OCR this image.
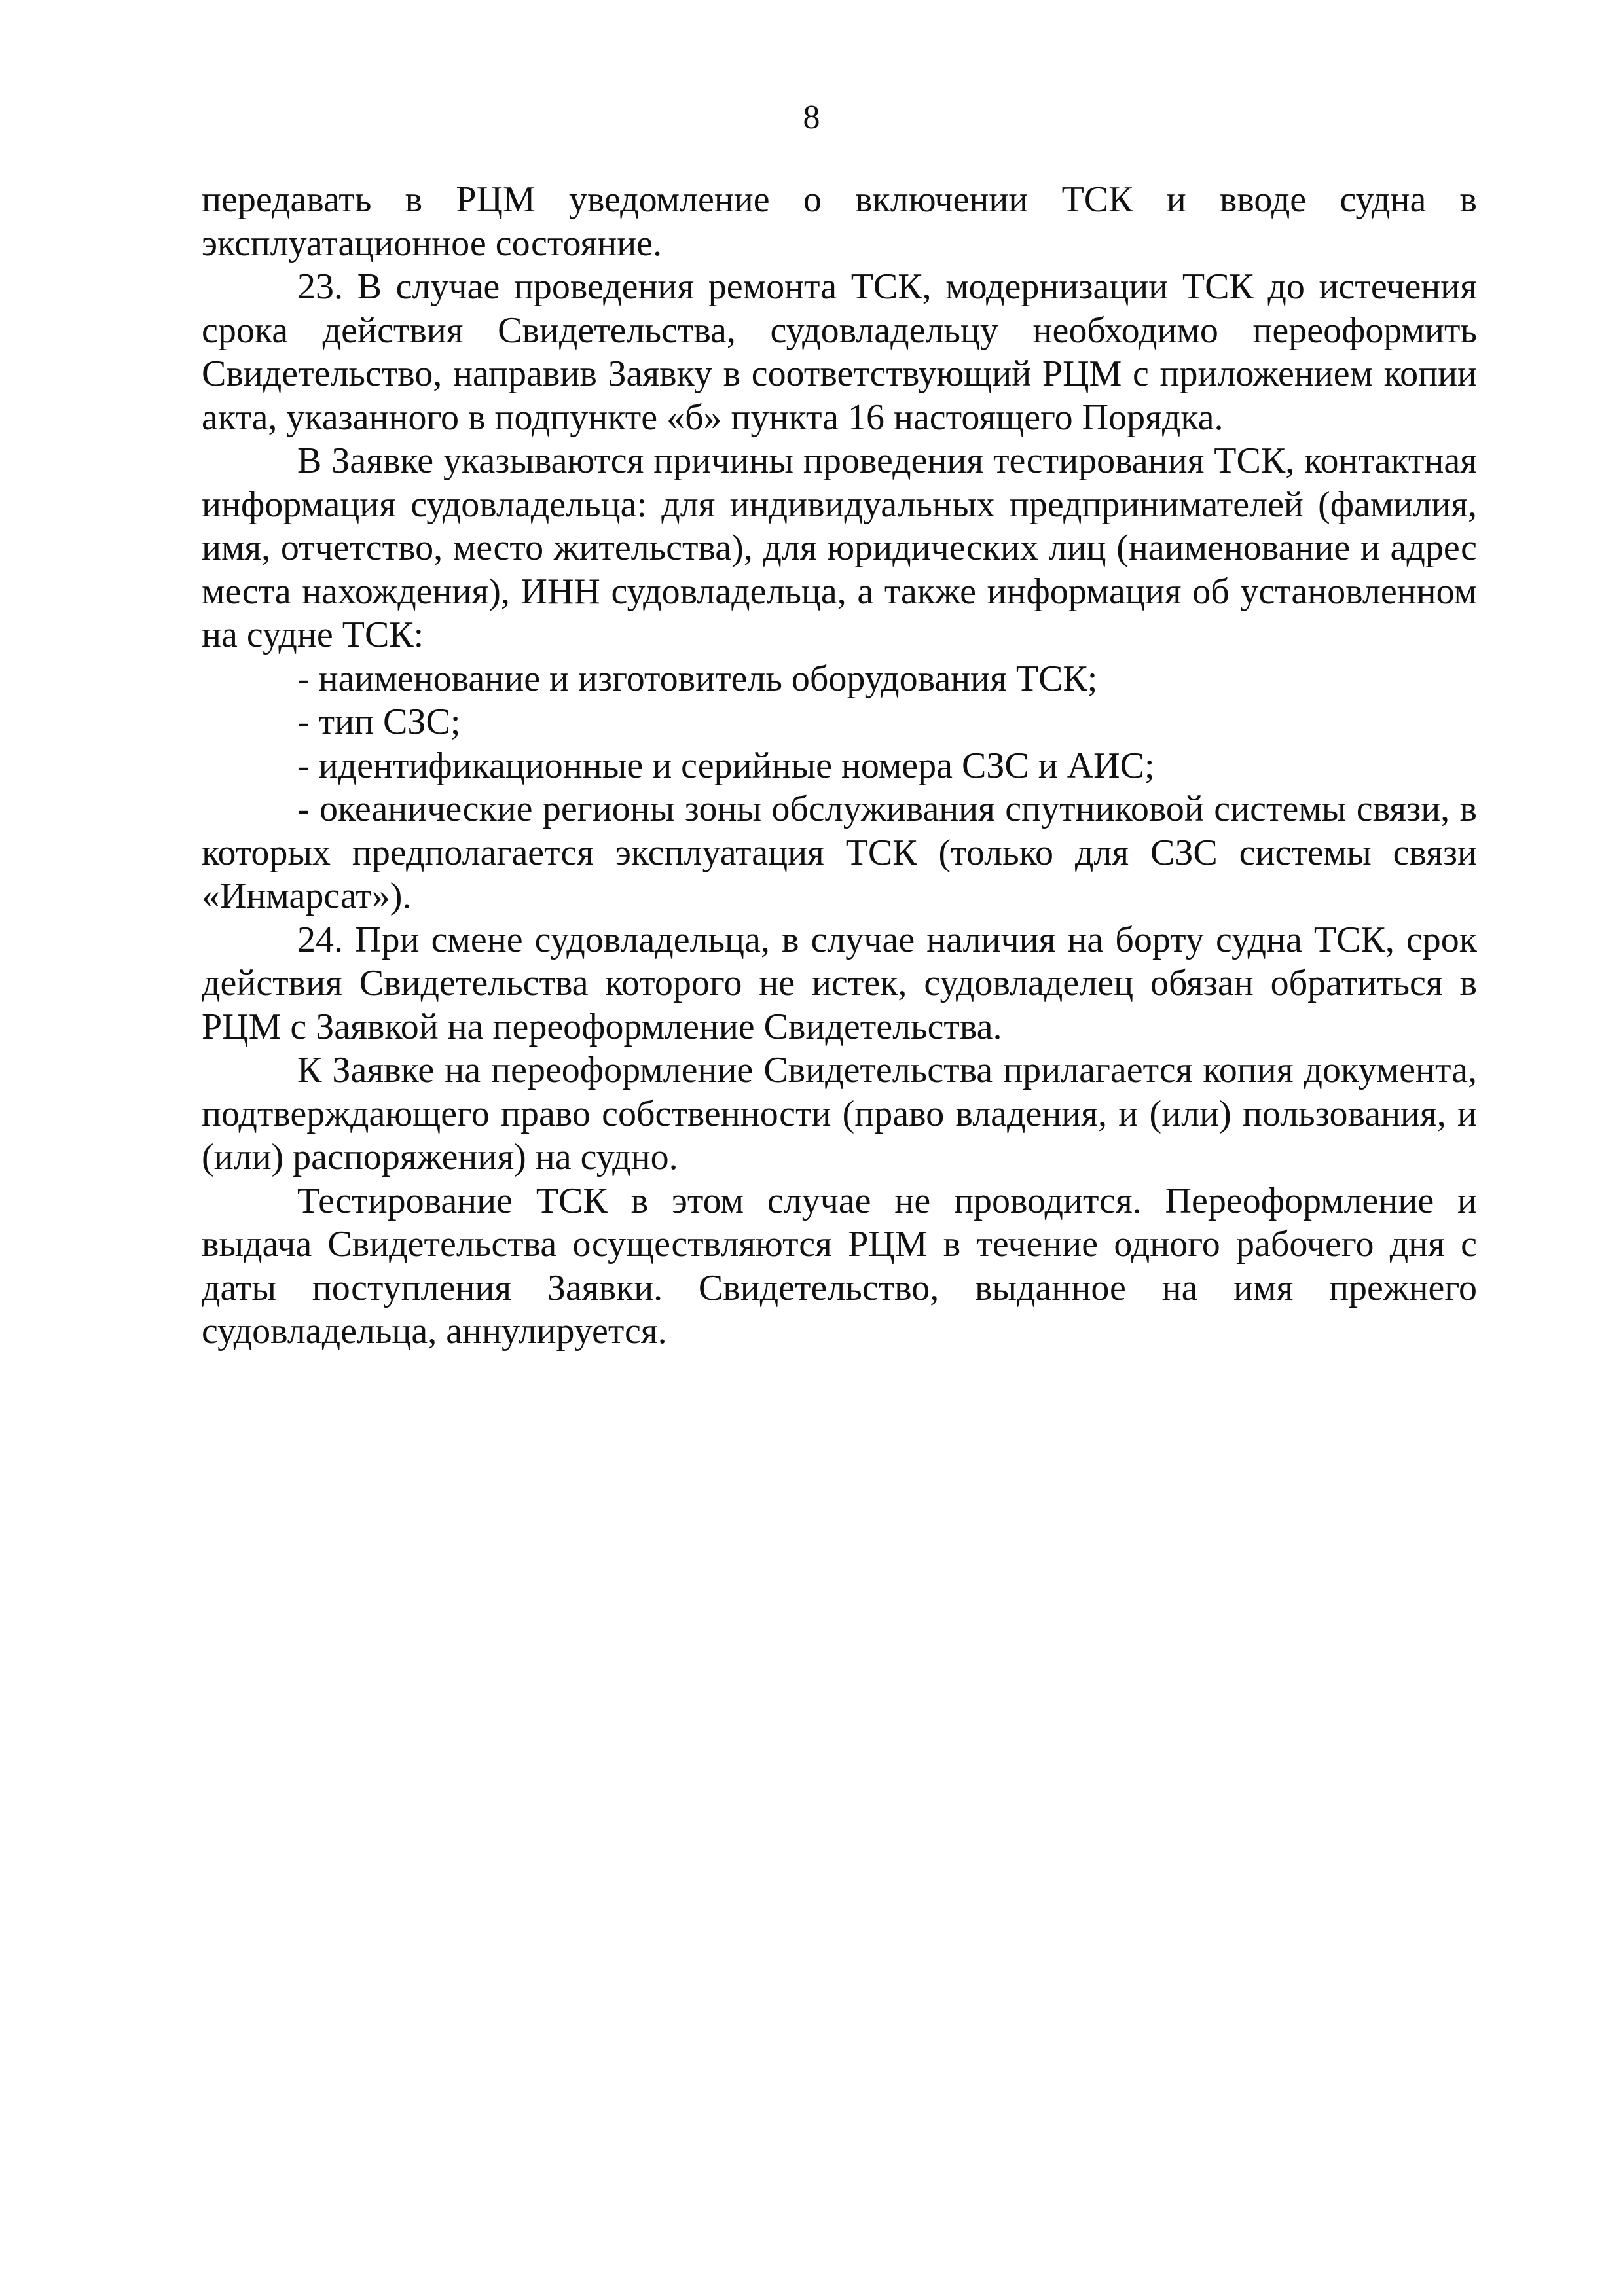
8

передавать в РЦМ уведомление о включении ТСК и вводе судна в эксплуатационное состояние.

23. В случае проведения ремонта ТСК, модернизации ТСК до истечения срока действия Свидетельства, судовладельцу необходимо переоформить Свидетельство, направив Заявку в соответствующий РЦМ с приложением копии акта, указанного в подпункте «б» пункта 16 настоящего Порядка.

В Заявке указываются причины проведения тестирования ТСК, контактная информация судовладельца: для индивидуальных предпринимателей (фамилия, имя, отчетство, место жительства), для юридических лиц (наименование и адрес места нахождения), ИНН судовладельца, а также информация об установленном на судне ТСК:

- наименование и изготовитель оборудования ТСК;

- тип СЗС;

- идентификационные и серийные номера СЗС и АИС;

- океанические регионы зоны обслуживания спутниковой системы связи, в которых предполагается эксплуатация ТСК (только для СЗС системы связи «Инмарсат»).

24. При смене судовладельца, в случае наличия на борту судна ТСК, срок действия Свидетельства которого не истек, судовладелец обязан обратиться в РЦМ с Заявкой на переоформление Свидетельства.

К Заявке на переоформление Свидетельства прилагается копия документа, подтверждающего право собственности (право владения, и (или) пользования, и (или) распоряжения) на судно.

Тестирование ТСК в этом случае не проводится. Переоформление и выдача Свидетельства осуществляются РЦМ в течение одного рабочего дня с даты поступления Заявки. Свидетельство, выданное на имя прежнего судовладельца, аннулируется.
